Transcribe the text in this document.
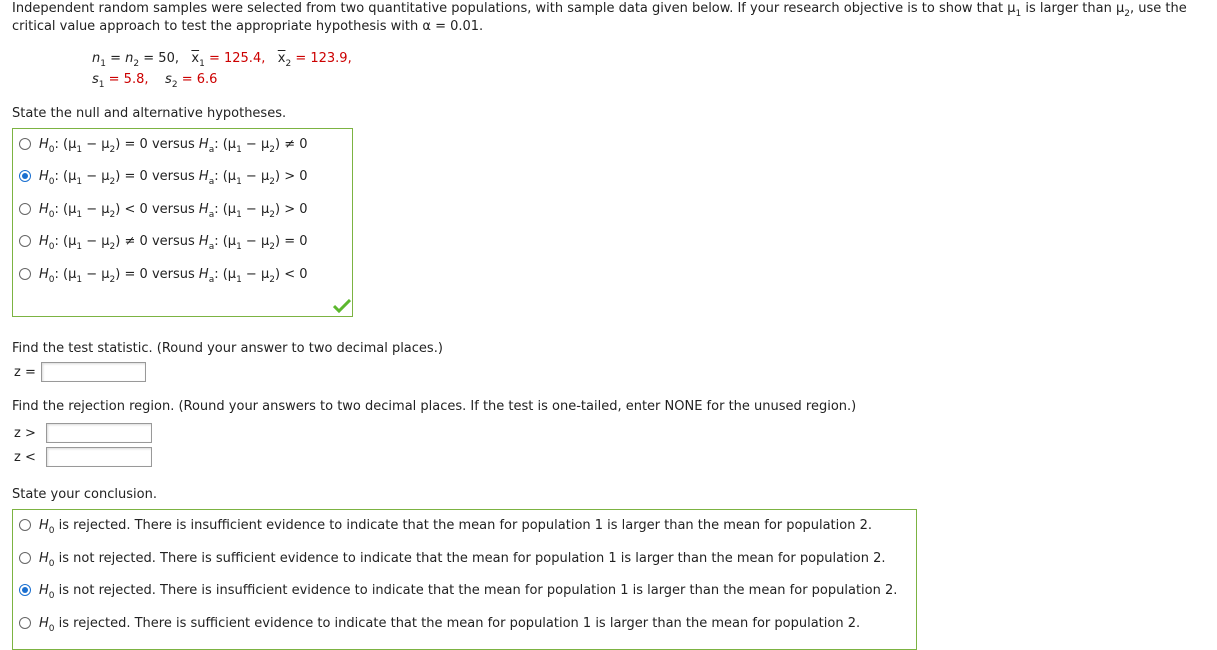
Independent random samples were selected from two quantitative populations, with sample data given below. If your research objective is to show that $\mu_1$ is larger than $\mu_2$, use the
critical value approach to test the appropriate hypothesis with α = 0.01.
$n_1 = n_2 = 50$, $\overline{x}_1 = 125.4$, $\overline{x}_2 = 123.9$,
$s_1 = 5.8$, $s_2 = 6.6$
State the null and alternative hypotheses.
$H_0$: $(\mu_1 - \mu_2) = 0$ versus $H_a$: $(\mu_1 - \mu_2) \ne 0$
$H_0$: $(\mu_1 - \mu_2) = 0$ versus $H_a$: $(\mu_1 - \mu_2) > 0$
$H_0$: $(\mu_1 - \mu_2) < 0$ versus $H_a$: $(\mu_1 - \mu_2) > 0$
$H_0$: $(\mu_1 - \mu_2) \ne 0$ versus $H_a$: $(\mu_1 - \mu_2) = 0$
$H_0$: $(\mu_1 - \mu_2) = 0$ versus $H_a$: $(\mu_1 - \mu_2) < 0$
Find the test statistic. (Round your answer to two decimal places.)
z =
Find the rejection region. (Round your answers to two decimal places. If the test is one-tailed, enter NONE for the unused region.)
z >
z <
State your conclusion.
$H_0$ is rejected. There is insufficient evidence to indicate that the mean for population 1 is larger than the mean for population 2.
$H_0$ is not rejected. There is sufficient evidence to indicate that the mean for population 1 is larger than the mean for population 2.
$H_0$ is not rejected. There is insufficient evidence to indicate that the mean for population 1 is larger than the mean for population 2.
$H_0$ is rejected. There is sufficient evidence to indicate that the mean for population 1 is larger than the mean for population 2.
